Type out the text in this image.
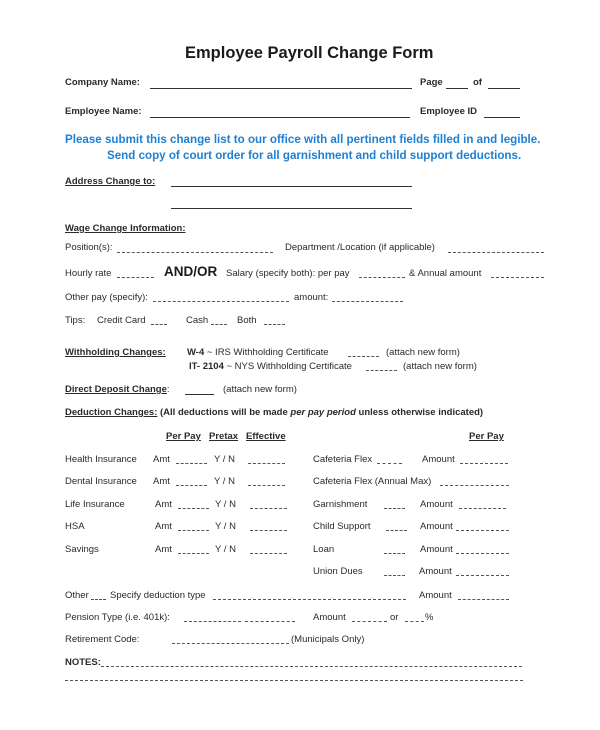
Employee Payroll Change Form
Company Name:	Page	of
Employee Name:	Employee ID
Please submit this change list to our office with all pertinent fields filled in and legible.
Send copy of court order for all garnishment and child support deductions.
Address Change to:
Wage Change Information:
Position(s):	Department /Location (if applicable)
Hourly rate	AND/OR Salary (specify both): per pay	& Annual amount
Other pay (specify):	amount:
Tips: Credit Card	Cash	Both
Withholding Changes: W-4 ~ IRS Withholding Certificate	(attach new form)
IT- 2104 ~ NYS Withholding Certificate	(attach new form)
Direct Deposit Change:	(attach new form)
Deduction Changes: (All deductions will be made per pay period unless otherwise indicated)
Per Pay Pretax Effective	Per Pay
Health Insurance Amt	Y / N
Dental Insurance Amt	Y / N
Life Insurance	Amt	Y / N
HSA	Amt	Y / N
Savings	Amt	Y / N
Cafeteria Flex	Amount
Cafeteria Flex (Annual Max)
Garnishment	Amount
Child Support	Amount
Loan	Amount
Union Dues	Amount
Other Specify deduction type	Amount
Pension Type (i.e. 401k):	Amount	or	%
Retirement Code:	(Municipals Only)
NOTES:
